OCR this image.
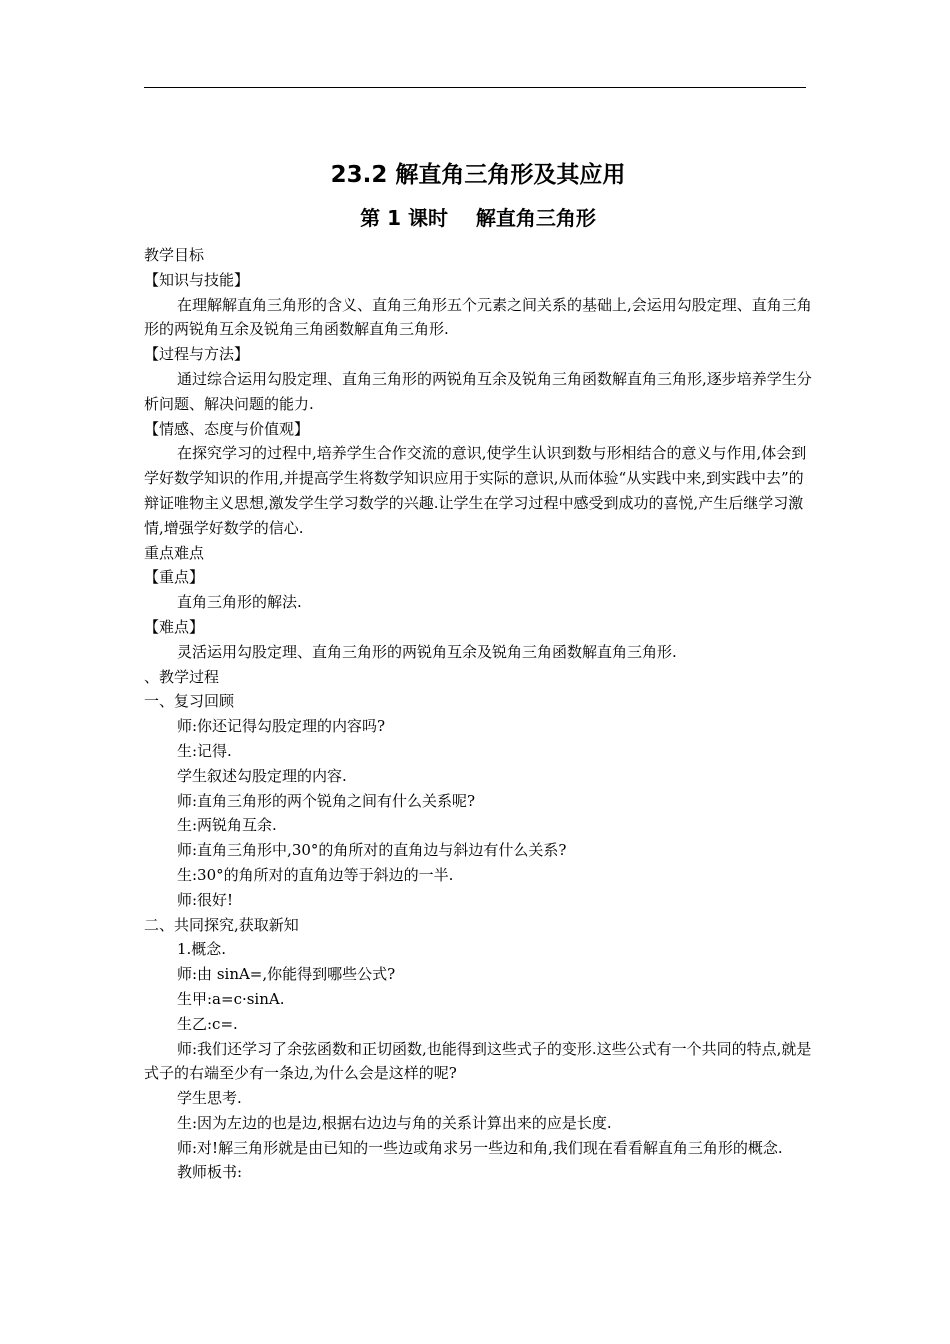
23.2 解直角三角形及其应用
第 1 课时    解直角三角形
教学目标
【知识与技能】

在理解解直角三角形的含义、直角三角形五个元素之间关系的基础上,会运用勾股定理、直角三角形的两锐角互余及锐角三角函数解直角三角形.

【过程与方法】

通过综合运用勾股定理、直角三角形的两锐角互余及锐角三角函数解直角三角形,逐步培养学生分析问题、解决问题的能力.

【情感、态度与价值观】

在探究学习的过程中,培养学生合作交流的意识,使学生认识到数与形相结合的意义与作用,体会到学好数学知识的作用,并提高学生将数学知识应用于实际的意识,从而体验“从实践中来,到实践中去”的辩证唯物主义思想,激发学生学习数学的兴趣.让学生在学习过程中感受到成功的喜悦,产生后继学习激情,增强学好数学的信心.

重点难点
【重点】
直角三角形的解法.
【难点】
灵活运用勾股定理、直角三角形的两锐角互余及锐角三角函数解直角三角形.
、教学过程
一、复习回顾
师:你还记得勾股定理的内容吗?
生:记得.
学生叙述勾股定理的内容.
师:直角三角形的两个锐角之间有什么关系呢?
生:两锐角互余.
师:直角三角形中,30°的角所对的直角边与斜边有什么关系?
生:30°的角所对的直角边等于斜边的一半.
师:很好!
二、共同探究,获取新知
1.概念.
师:由 sinA=,你能得到哪些公式?
生甲:a=c·sinA.
生乙:c=.

师:我们还学习了余弦函数和正切函数,也能得到这些式子的变形.这些公式有一个共同的特点,就是式子的右端至少有一条边,为什么会是这样的呢?

学生思考.
生:因为左边的也是边,根据右边边与角的关系计算出来的应是长度.

师:对!解三角形就是由已知的一些边或角求另一些边和角,我们现在看看解直角三角形的概念.

教师板书:
